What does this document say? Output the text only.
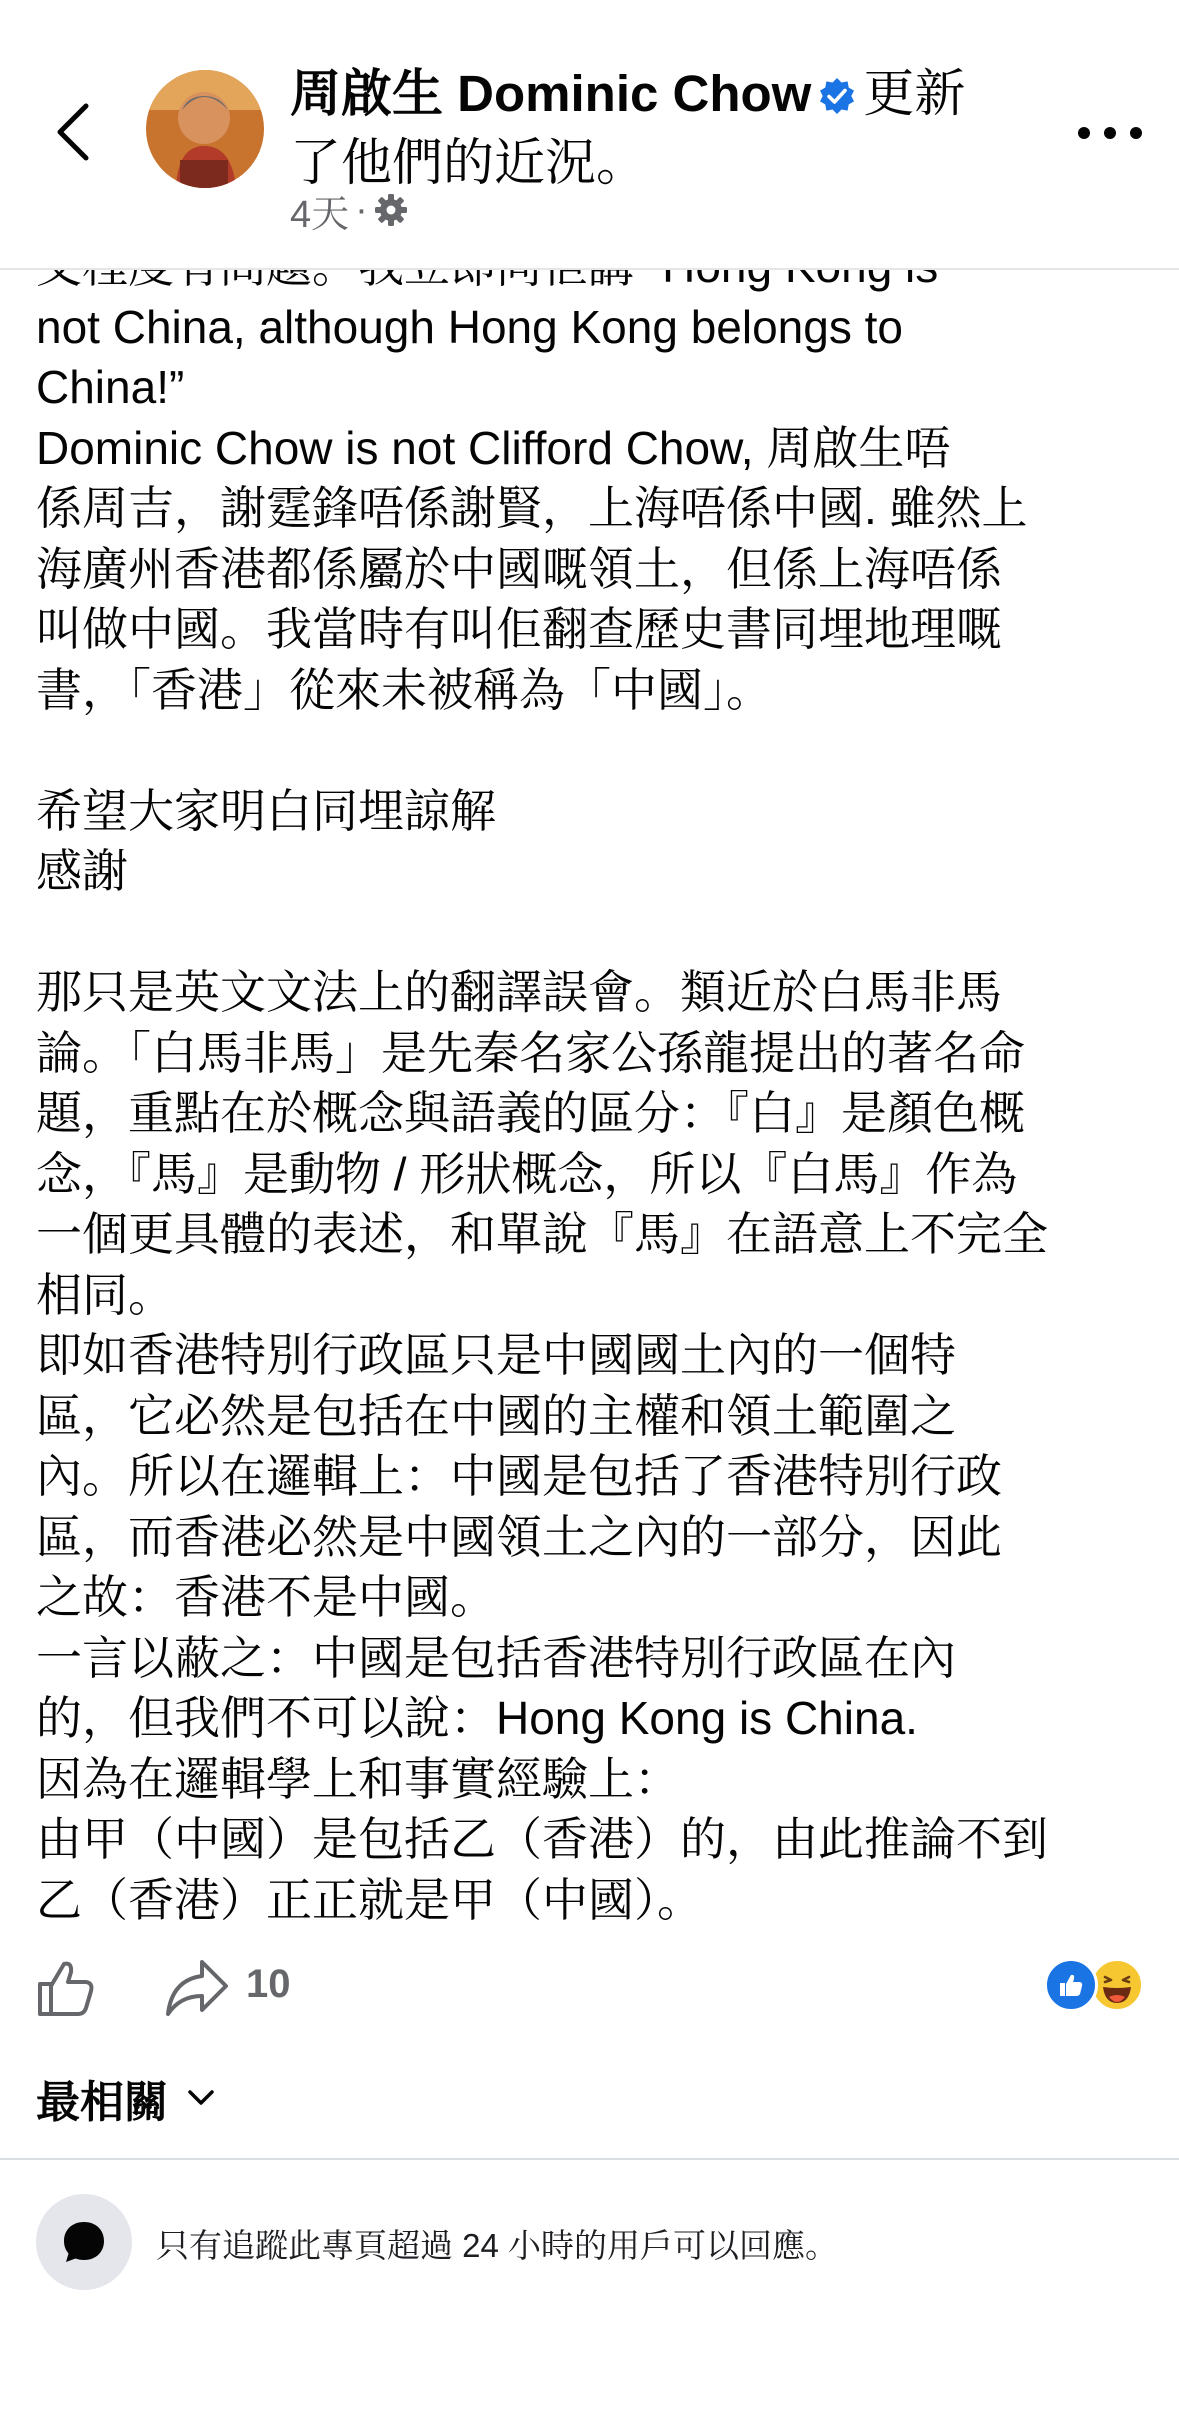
周啟生 Dominic Chow 更新
了他們的近況。
4天 ·
not China, although Hong Kong belongs to
China!”
Dominic Chow is not Clifford Chow, 周啟生唔
係周吉，謝霆鋒唔係謝賢，上海唔係中國. 雖然上
海廣州香港都係屬於中國嘅領土，但係上海唔係
叫做中國。我當時有叫佢翻查歷史書同埋地理嘅
書，「香港」從來未被稱為「中國」。
希望大家明白同埋諒解
感謝
那只是英文文法上的翻譯誤會。類近於白馬非馬
論。「白馬非馬」是先秦名家公孫龍提出的著名命
題，重點在於概念與語義的區分：『白』是顏色概
念，『馬』是動物 / 形狀概念，所以『白馬』作為
一個更具體的表述，和單說『馬』在語意上不完全
相同。
即如香港特別行政區只是中國國土內的一個特
區，它必然是包括在中國的主權和領土範圍之
內。所以在邏輯上：中國是包括了香港特別行政
區，而香港必然是中國領土之內的一部分，因此
之故：香港不是中國。
一言以蔽之：中國是包括香港特別行政區在內
的，但我們不可以說：Hong Kong is China.
因為在邏輯學上和事實經驗上：
由甲（中國）是包括乙（香港）的，由此推論不到
乙（香港）正正就是甲（中國）。
10
最相關
只有追蹤此專頁超過 24 小時的用戶可以回應。
